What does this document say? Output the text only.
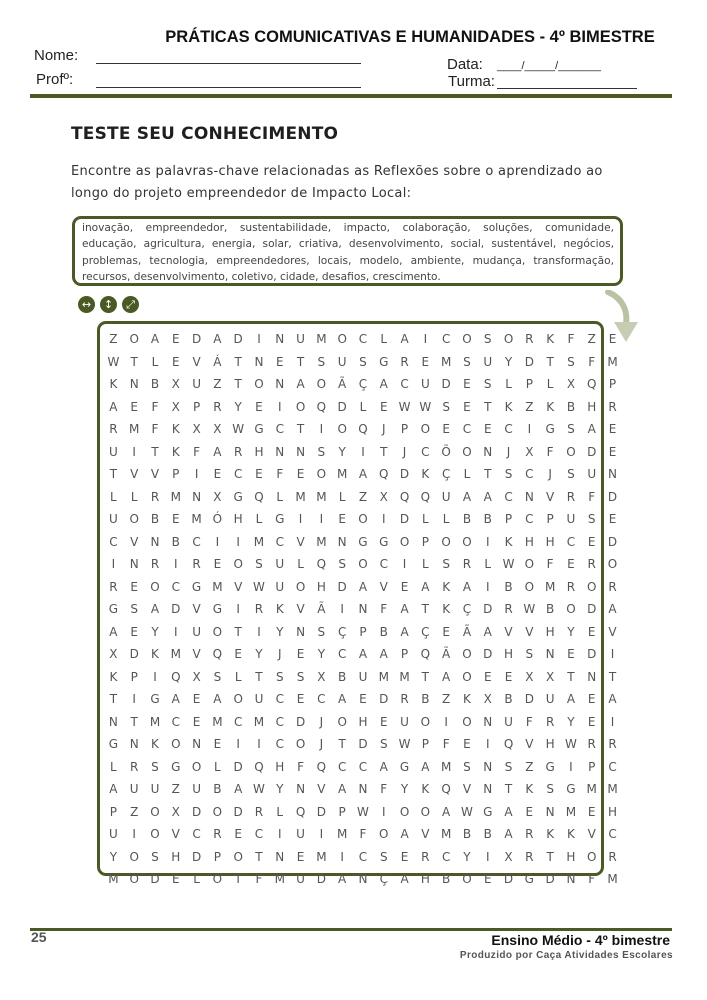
PRÁTICAS COMUNICATIVAS E HUMANIDADES - 4º BIMESTRE
Nome:
Profº:
Data: ____/_____/_______
Turma:
TESTE SEU CONHECIMENTO
Encontre as palavras-chave relacionadas as Reflexões sobre o aprendizado ao longo do projeto empreendedor de Impacto Local:
inovação, empreendedor, sustentabilidade, impacto, colaboração, soluções, comunidade, educação, agricultura, energia, solar, criativa, desenvolvimento, social, sustentável, negócios, problemas, tecnologia, empreendedores, locais, modelo, ambiente, mudança, transformação, recursos, desenvolvimento, coletivo, cidade, desafios, crescimento.
↔	↕	⤢
Z O A	E	D	A	D	I	N U M O C	L	A	I	C O	S	O R	K	F	Z	E
W T	L	E	V	Á	T	N	E	T	S	U	S	G R	E M S	U	Y	D	T	S	F	M
K	N	B	X	U	Z	T	O N	A O Ã	Ç	A	C	U D	E	S	L	P	L	X Q	P
A	E	F	X	P	R	Y	E	I	O Q D	L	E W W S	E	T	K	Z	K	B	H	R
R M	F	K	X	X W G C	T	I	O Q	J	P	O	E	C	E	C	I	G	S	A	E
U	I	T	K	F	A	R	H N N	S	Y	I	T	J	C Õ O N	J	X	F	O D	E
T	V	V	P	I	E	C	E	F	E	O M A Q D	K	Ç	L	T	S	C	J	S	U N
L	L	R M N	X	G Q	L	M M	L	Z	X Q Q U	A	A	C	N	V	R	F	D
U O B	E M Ó H	L	G	I	I	E	O	I	D	L	L	B	B	P	C	P	U	S	E
C	V	N	B	C	I	I	M C	V M N G G O	P	O O	I	K	H H	C	E	D
I	N	R	I	R	E	O	S	U	L	Q	S	O C	I	L	S	R	L W O	F	E	R O
R	E	O C G M V W U O H D	A	V	E	A	K	A	I	B O M R O R
G	S	A	D	V	G	I	R	K	V	Ã	I	N	F	A	T	K	Ç D	R W B O D	A
A	E	Y	I	U O	T	I	Y	N	S	Ç	P	B	A	Ç	E	Ã	A	V	V	H	Y	E	V
X	D	K M V Q	E	Y	J	E	Y	C	A	A	P	Q Ã O D H	S	N	E	D	I
K	P	I	Q X	S	L	T	S	S	X	B	U M M T	A O	E	E	X	X	T	N	T
T	I	G	A	E	A O U	C	E	C	A	E	D	R	B	Z	K	X	B	D U	A	E	A
N	T M C	E M C M C D	J	O H	E	U O	I	O N U	F	R	Y	E	I
G N	K	O N	E	I	I	C O	J	T	D	S W P	F	E	I	Q V	H W R	R
L	R	S	G O	L	D Q H	F	Q C	C	A	G	A M S	N	S	Z	G	I	P	C
A	U	U	Z	U	B	A W Y	N	V	A	N	F	Y	K	Q V	N	T	K	S	G M M
P	Z O X	D O D	R	L	Q D	P W	I	O O A W G	A	E	N M E	H
U	I	O V	C	R	E	C	I	U	I	M	F	O A	V M B	B	A	R	K	K	V	C
Y	O	S	H D	P	O	T	N	E M	I	C	S	E	R	C	Y	I	X	R	T	H O R
M O D	E	L	O	T	F	M U D	A	N	Ç	A	H	B O	E	D G D N	F	M
25	Ensino Médio - 4º bimestre
Produzido por Caça Atividades Escolares
